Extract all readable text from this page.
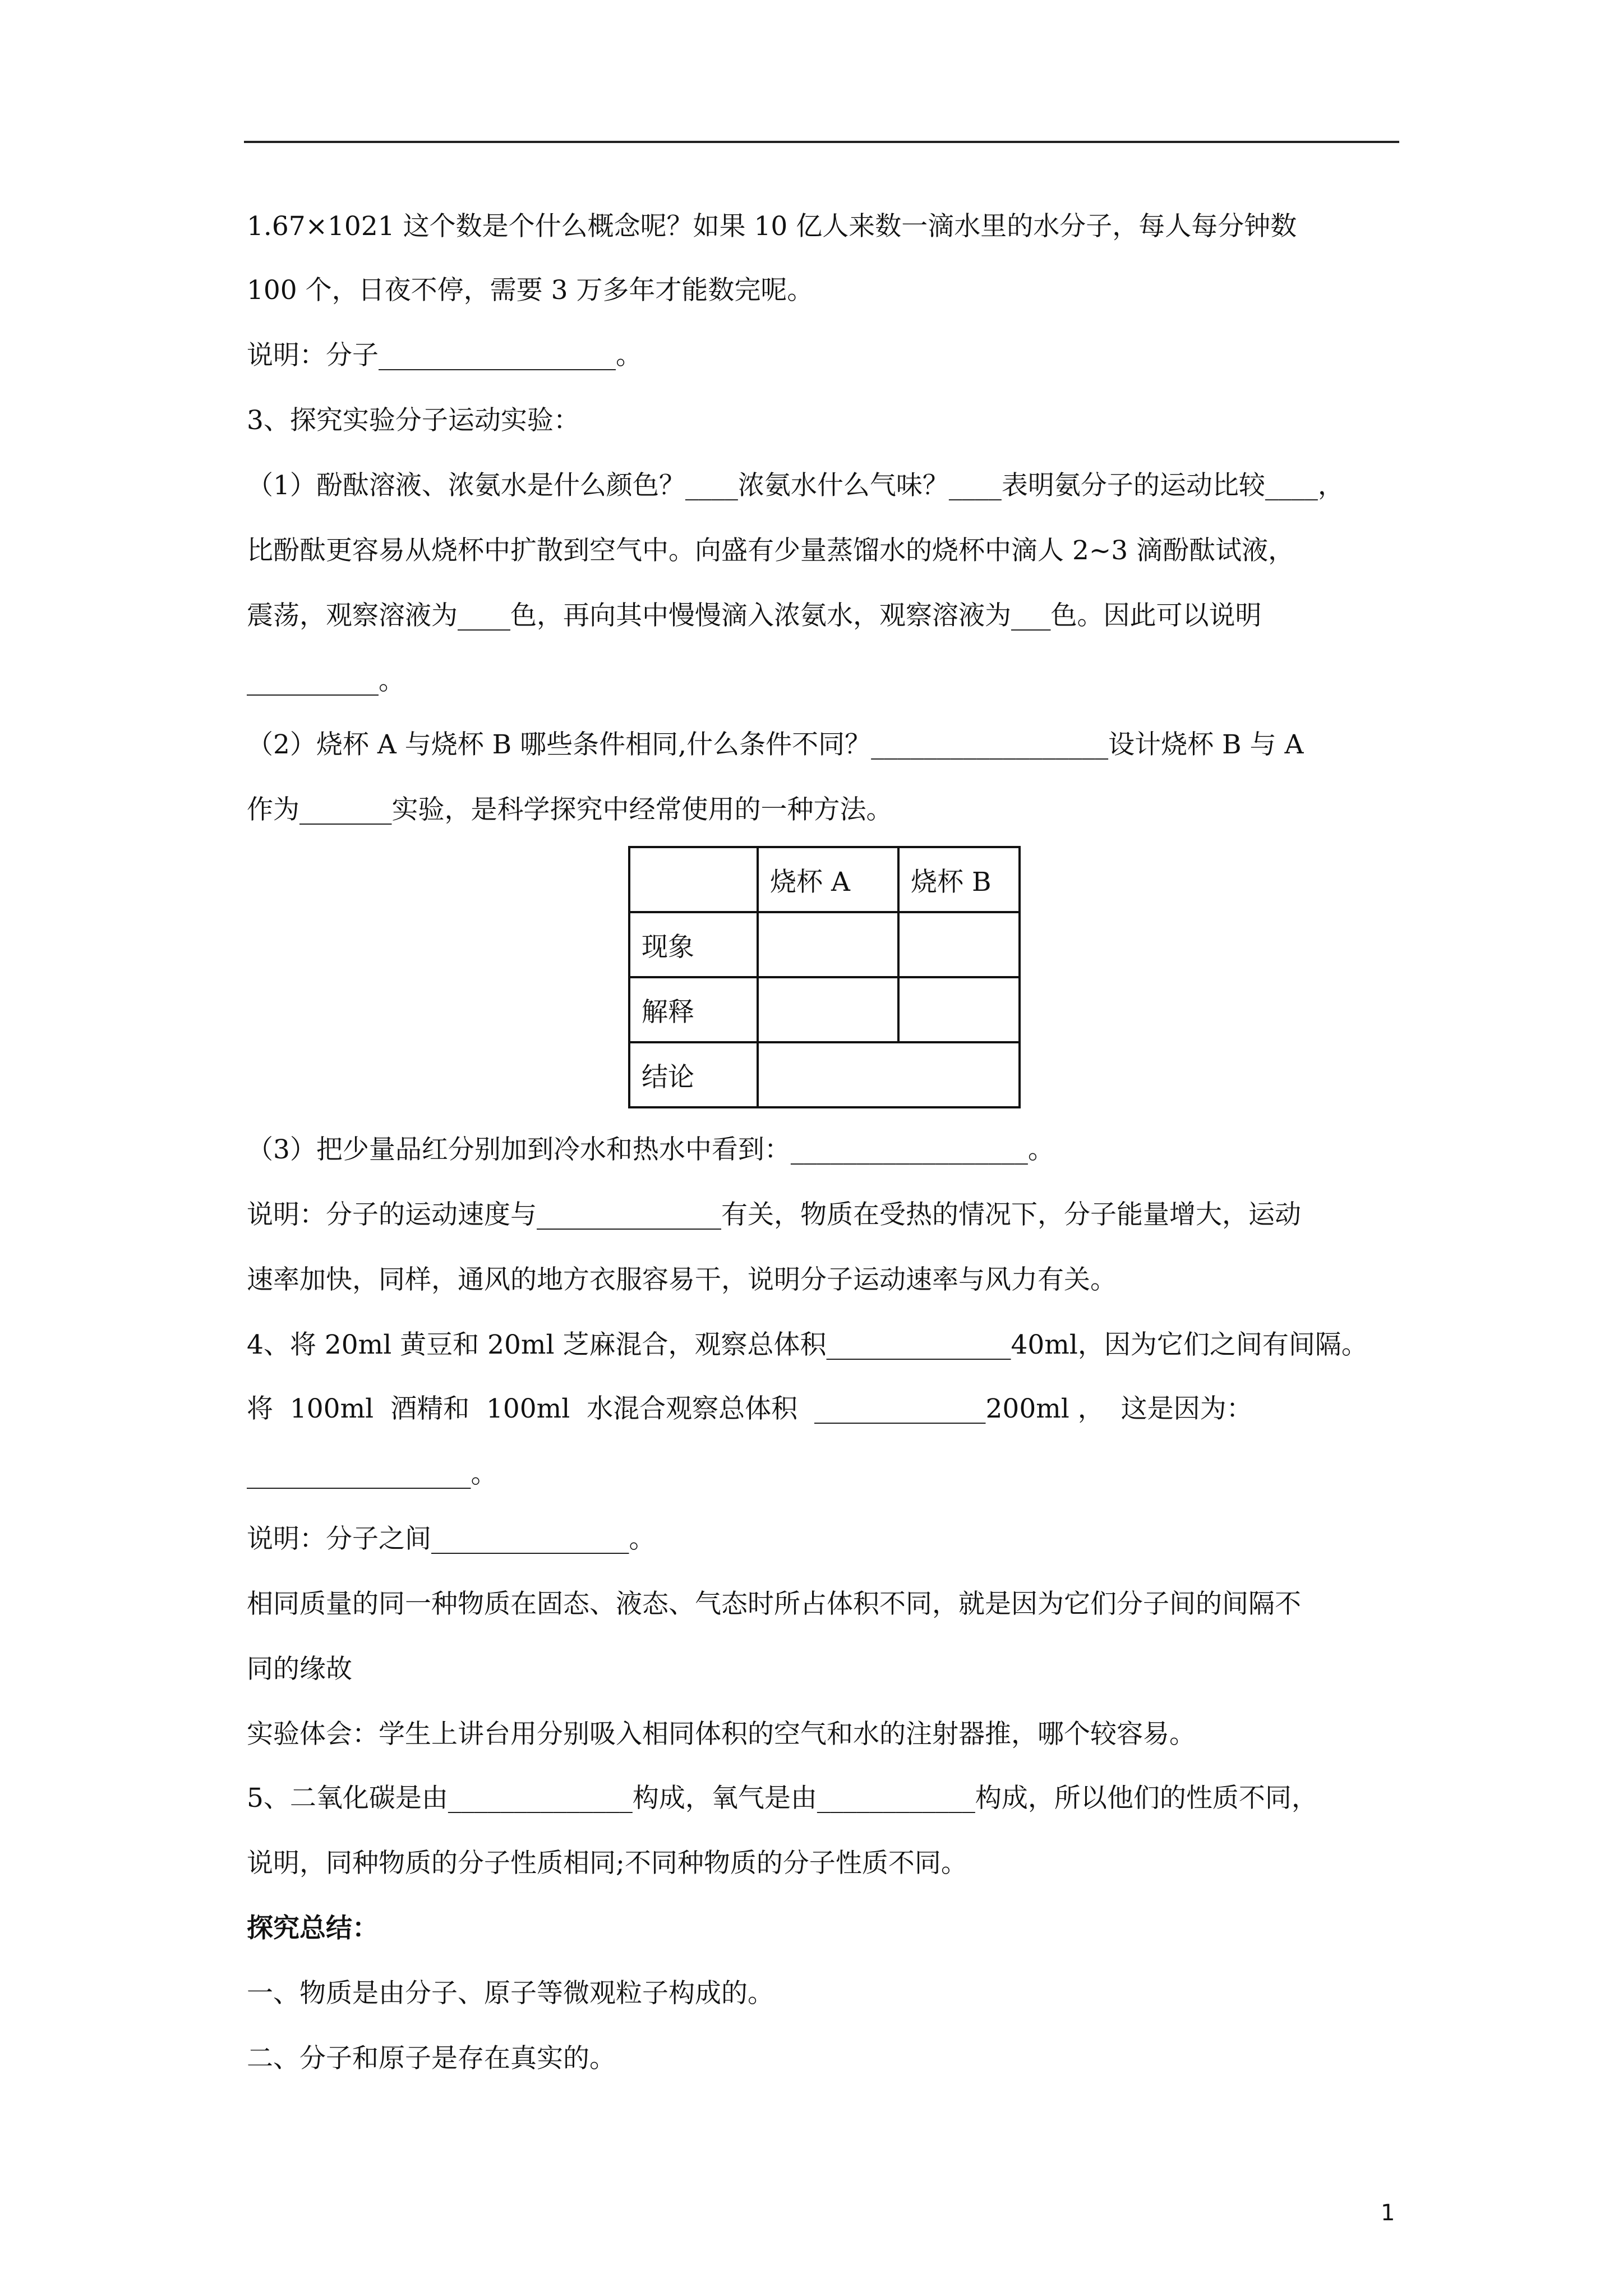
1.67×1021 这个数是个什么概念呢？如果 10 亿人来数一滴水里的水分子，每人每分钟数
100 个，日夜不停，需要 3 万多年才能数完呢。
说明：分子__________________。
3、探究实验分子运动实验：
（1）酚酞溶液、浓氨水是什么颜色？____浓氨水什么气味？____表明氨分子的运动比较____，
比酚酞更容易从烧杯中扩散到空气中。向盛有少量蒸馏水的烧杯中滴人 2~3 滴酚酞试液，
震荡，观察溶液为____色，再向其中慢慢滴入浓氨水，观察溶液为___色。因此可以说明
__________。
（2）烧杯 A 与烧杯 B 哪些条件相同,什么条件不同？__________________设计烧杯 B 与 A
作为_______实验，是科学探究中经常使用的一种方法。
	烧杯 A	烧杯 B
现象		
解释		
结论		
（3）把少量品红分别加到冷水和热水中看到：__________________。
说明：分子的运动速度与______________有关，物质在受热的情况下，分子能量增大，运动
速率加快，同样，通风的地方衣服容易干，说明分子运动速率与风力有关。
4、将 20ml 黄豆和 20ml 芝麻混合，观察总体积______________40ml，因为它们之间有间隔。
将  100ml  酒精和  100ml  水混合观察总体积  _____________200ml ，  这是因为：
_________________。
说明：分子之间_______________。
相同质量的同一种物质在固态、液态、气态时所占体积不同，就是因为它们分子间的间隔不
同的缘故
实验体会：学生上讲台用分别吸入相同体积的空气和水的注射器推，哪个较容易。
5、二氧化碳是由______________构成，氧气是由____________构成，所以他们的性质不同，
说明，同种物质的分子性质相同;不同种物质的分子性质不同。
探究总结：
一、物质是由分子、原子等微观粒子构成的。
二、分子和原子是存在真实的。
1
